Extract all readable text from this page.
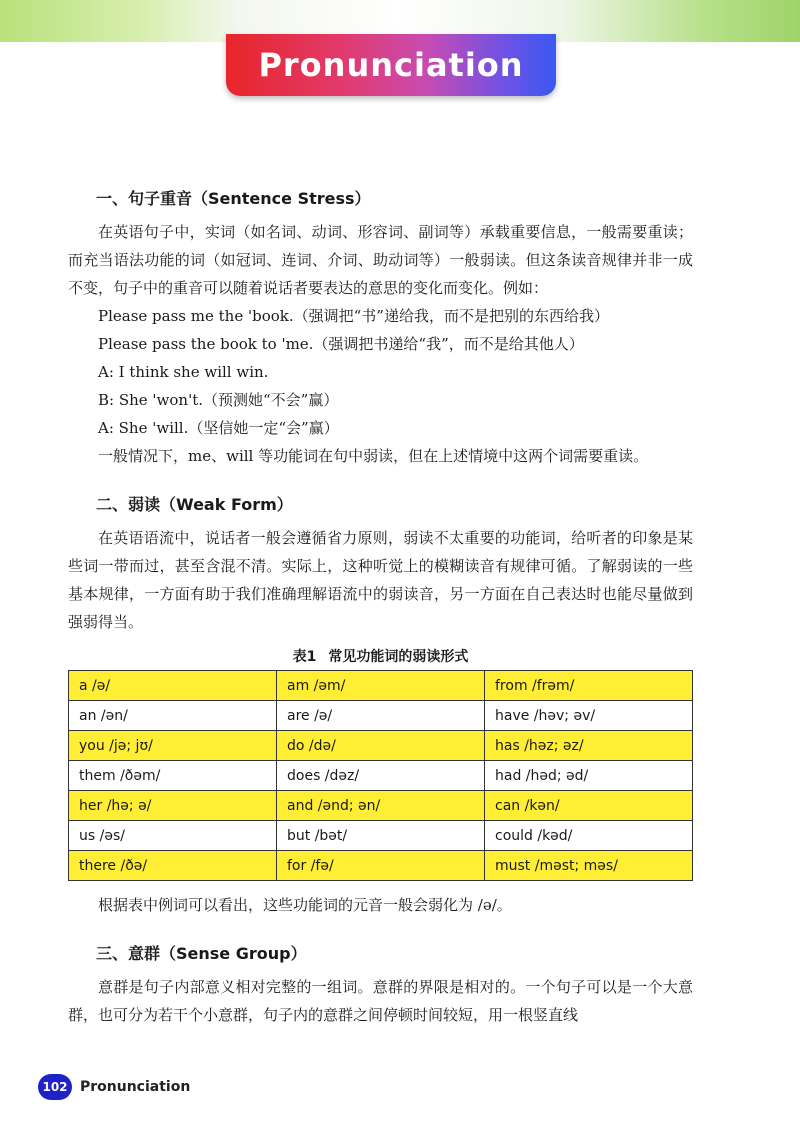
Pronunciation
一、句子重音（Sentence Stress）

在英语句子中，实词（如名词、动词、形容词、副词等）承载重要信息，一般需要重读；而充当语法功能的词（如冠词、连词、介词、助动词等）一般弱读。但这条读音规律并非一成不变，句子中的重音可以随着说话者要表达的意思的变化而变化。例如：

Please pass me the 'book.（强调把“书”递给我，而不是把别的东西给我）

Please pass the book to 'me.（强调把书递给“我”，而不是给其他人）

A: I think she will win.

B: She 'won't.（预测她“不会”赢）

A: She 'will.（坚信她一定“会”赢）

一般情况下，me、will 等功能词在句中弱读，但在上述情境中这两个词需要重读。

二、弱读（Weak Form）

在英语语流中，说话者一般会遵循省力原则，弱读不太重要的功能词，给听者的印象是某些词一带而过，甚至含混不清。实际上，这种听觉上的模糊读音有规律可循。了解弱读的一些基本规律，一方面有助于我们准确理解语流中的弱读音，另一方面在自己表达时也能尽量做到强弱得当。

表1 常见功能词的弱读形式
a /ə/	am /əm/	from /frəm/
an /ən/	are /ə/	have /həv; əv/
you /jə; jʊ/	do /də/	has /həz; əz/
them /ðəm/	does /dəz/	had /həd; əd/
her /hə; ə/	and /ənd; ən/	can /kən/
us /əs/	but /bət/	could /kəd/
there /ðə/	for /fə/	must /məst; məs/

根据表中例词可以看出，这些功能词的元音一般会弱化为 /ə/。

三、意群（Sense Group）

意群是句子内部意义相对完整的一组词。意群的界限是相对的。一个句子可以是一个大意群，也可分为若干个小意群，句子内的意群之间停顿时间较短，用一根竖直线

102 Pronunciation
